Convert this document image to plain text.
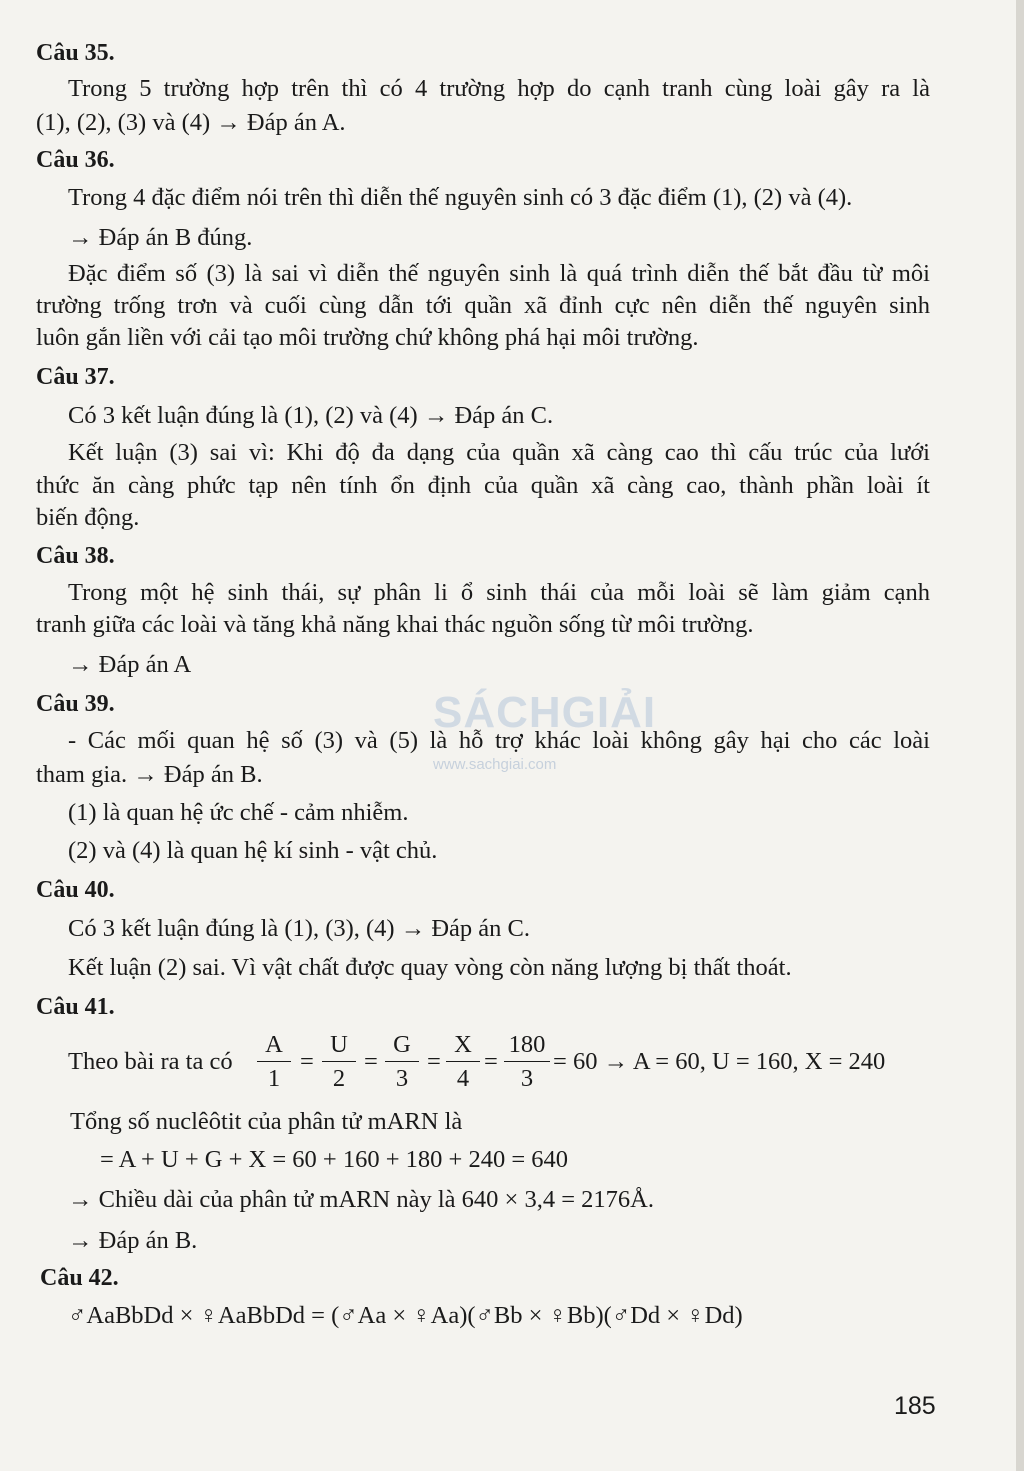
Câu 35.
Trong 5 trường hợp trên thì có 4 trường hợp do cạnh tranh cùng loài gây ra là
(1), (2), (3) và (4) → Đáp án A.
Câu 36.
Trong 4 đặc điểm nói trên thì diễn thế nguyên sinh có 3 đặc điểm (1), (2) và (4).
→ Đáp án B đúng.
Đặc điểm số (3) là sai vì diễn thế nguyên sinh là quá trình diễn thế bắt đầu từ môi
trường trống trơn và cuối cùng dẫn tới quần xã đỉnh cực nên diễn thế nguyên sinh
luôn gắn liền với cải tạo môi trường chứ không phá hại môi trường.
Câu 37.
Có 3 kết luận đúng là (1), (2) và (4) → Đáp án C.
Kết luận (3) sai vì: Khi độ đa dạng của quần xã càng cao thì cấu trúc của lưới
thức ăn càng phức tạp nên tính ổn định của quần xã càng cao, thành phần loài ít
biến động.
Câu 38.
Trong một hệ sinh thái, sự phân li ổ sinh thái của mỗi loài sẽ làm giảm cạnh
tranh giữa các loài và tăng khả năng khai thác nguồn sống từ môi trường.
→ Đáp án A
SÁCHGIẢI
www.sachgiai.com
Câu 39.
- Các mối quan hệ số (3) và (5) là hỗ trợ khác loài không gây hại cho các loài
tham gia. → Đáp án B.
(1) là quan hệ ức chế - cảm nhiễm.
(2) và (4) là quan hệ kí sinh - vật chủ.
Câu 40.
Có 3 kết luận đúng là (1), (3), (4) → Đáp án C.
Kết luận (2) sai. Vì vật chất được quay vòng còn năng lượng bị thất thoát.
Câu 41.
Theo bài ra ta có
A
1
=
U
2
=
G
3
=
X
4
=
180
3
= 60 → A = 60, U = 160, X = 240
Tổng số nuclêôtit của phân tử mARN là
= A + U + G + X = 60 + 160 + 180 + 240 = 640
→ Chiều dài của phân tử mARN này là 640 × 3,4 = 2176Å.
→ Đáp án B.
Câu 42.
♂AaBbDd × ♀AaBbDd = (♂Aa × ♀Aa)(♂Bb × ♀Bb)(♂Dd × ♀Dd)
185
